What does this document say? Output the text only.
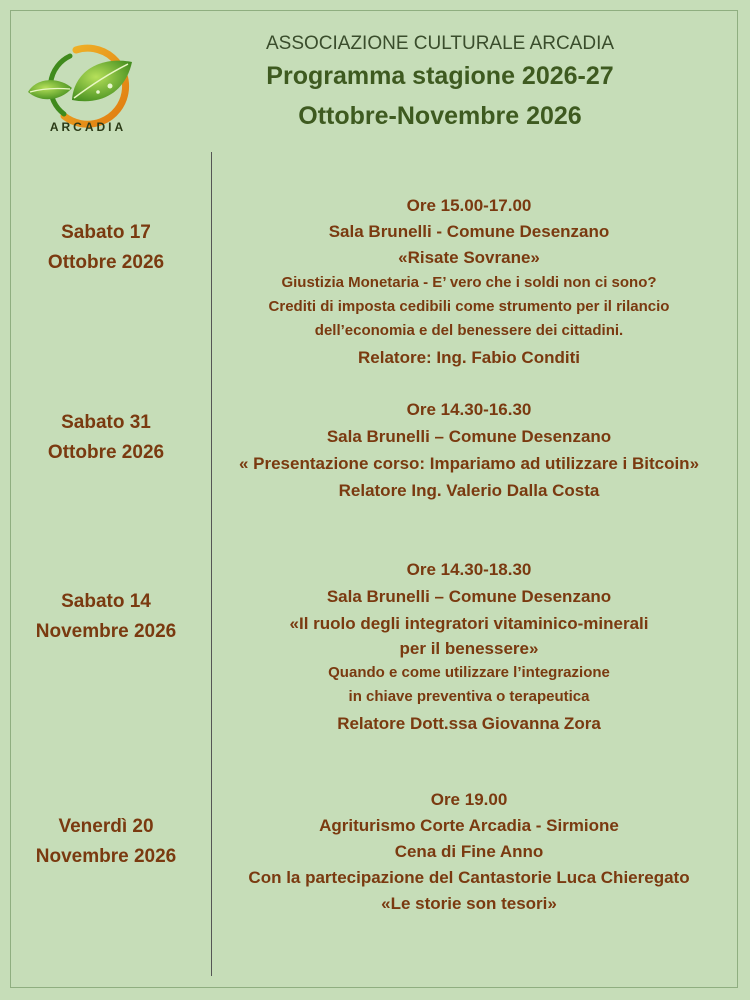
ARCADIA
ASSOCIAZIONE CULTURALE ARCADIA
Programma stagione 2026-27
Ottobre-Novembre 2026
Sabato 17
Ottobre 2026
Ore 15.00-17.00
Sala Brunelli - Comune Desenzano
«Risate Sovrane»
Giustizia Monetaria - E’ vero che i soldi non ci sono?
Crediti di imposta cedibili come strumento per il rilancio
dell’economia e del benessere dei cittadini.
Relatore: Ing. Fabio Conditi
Sabato 31
Ottobre 2026
Ore 14.30-16.30
Sala Brunelli – Comune Desenzano
« Presentazione corso: Impariamo ad utilizzare i Bitcoin»
Relatore Ing. Valerio Dalla Costa
Sabato 14
Novembre 2026
Ore 14.30-18.30
Sala Brunelli – Comune Desenzano
«Il ruolo degli integratori vitaminico-minerali
per il benessere»
Quando e come utilizzare l’integrazione
in chiave preventiva o terapeutica
Relatore Dott.ssa Giovanna Zora
Venerdì 20
Novembre 2026
Ore 19.00
Agriturismo Corte Arcadia - Sirmione
Cena di Fine Anno
Con la partecipazione del Cantastorie Luca Chieregato
«Le storie son tesori»
